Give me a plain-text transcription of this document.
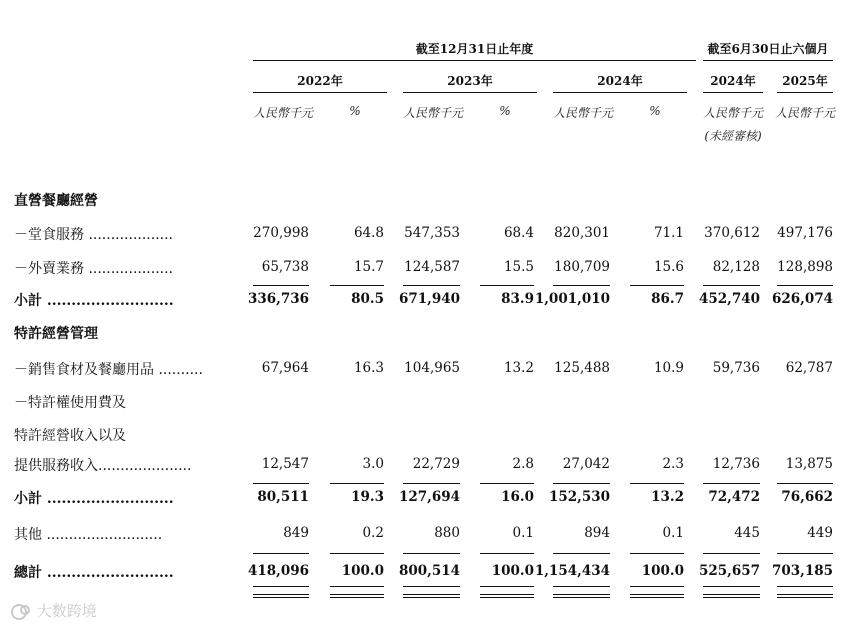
截至12月31日止年度	截至6月30日止六個月
2022年	2023年	2024年	2024年	2025年
人民幣千元	%	人民幣千元	%	人民幣千元	%	人民幣千元
(未經審核)
人民幣千元
直營餐廳經營
－堂食服務 ...................	270,998	64.8	547,353	68.4	820,301	71.1	370,612	497,176
－外賣業務 ...................	65,738	15.7	124,587	15.5	180,709	15.6	82,128	128,898
小計 ..........................	336,736	80.5	671,940	83.9 1,001,010	86.7	452,740 626,074
特許經營管理
－銷售食材及餐廳用品 ..........	67,964	16.3	104,965	13.2	125,488	10.9	59,736	62,787
－特許權使用費及
特許經營收入以及
提供服務收入.....................	12,547	3.0	22,729	2.8	27,042	2.3	12,736	13,875
小計 ..........................	80,511	19.3	127,694	16.0	152,530	13.2	72,472	76,662
其他 ..........................	849	0.2	880	0.1	894	0.1	445	449
總計 ..........................	418,096	100.0	800,514	100.0 1,154,434	100.0	525,657 703,185
大数跨境
